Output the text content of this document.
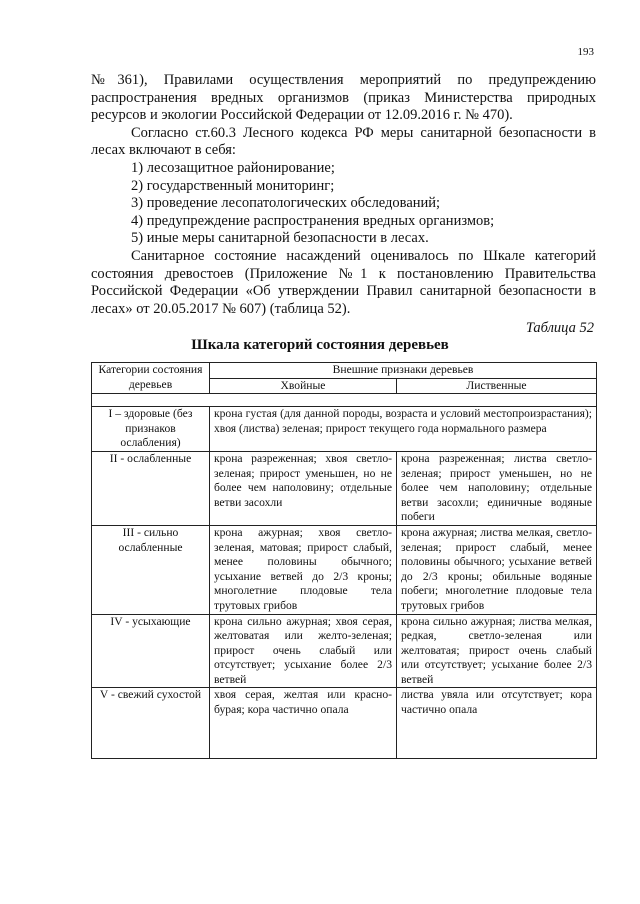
193

№361), Правилами осуществления мероприятий по предупреждению распространения вредных организмов (приказ Министерства природных ресурсов и экологии Российской Федерации от 12.09.2016 г. № 470).

Согласно ст.60.3 Лесного кодекса РФ меры санитарной безопасности в лесах включают в себя:

1) лесозащитное районирование;

2) государственный мониторинг;

3) проведение лесопатологических обследований;

4) предупреждение распространения вредных организмов;

5) иные меры санитарной безопасности в лесах.

Санитарное состояние насаждений оценивалось по Шкале категорий состояния древостоев (Приложение №1 к постановлению Правительства Российской Федерации «Об утверждении Правил санитарной безопасности в лесах» от 20.05.2017 № 607) (таблица 52).

Таблица 52
Шкала категорий состояния деревьев
Категории состояния деревьев	Внешние признаки деревьев	
	Хвойные	Лиственные

I – здоровые (без признаков ослабления)	крона густая (для данной породы, возраста и условий местопроизрастания); хвоя (листва) зеленая; прирост текущего года нормального размера	
II - ослабленные	крона разреженная; хвоя светло-зеленая; прирост уменьшен, но не более чем наполовину; отдельные ветви засохли	крона разреженная; листва светло-зеленая; прирост уменьшен, но не более чем наполовину; отдельные ветви засохли; единичные водяные побеги
III - сильно ослабленные	крона ажурная; хвоя светло-зеленая, матовая; прирост слабый, менее половины обычного; усыхание ветвей до 2/3 кроны; многолетние плодовые тела трутовых грибов	крона ажурная; листва мелкая, светло-зеленая; прирост слабый, менее половины обычного; усыхание ветвей до 2/3 кроны; обильные водяные побеги; многолетние плодовые тела трутовых грибов
IV - усыхающие	крона сильно ажурная; хвоя серая, желтоватая или желто-зеленая; прирост очень слабый или отсутствует; усыхание более 2/3 ветвей	крона сильно ажурная; листва мелкая, редкая, светло-зеленая или желтоватая; прирост очень слабый или отсутствует; усыхание более 2/3 ветвей
V - свежий сухостой	хвоя серая, желтая или красно-бурая; кора частично опала	листва увяла или отсутствует; кора частично опала
